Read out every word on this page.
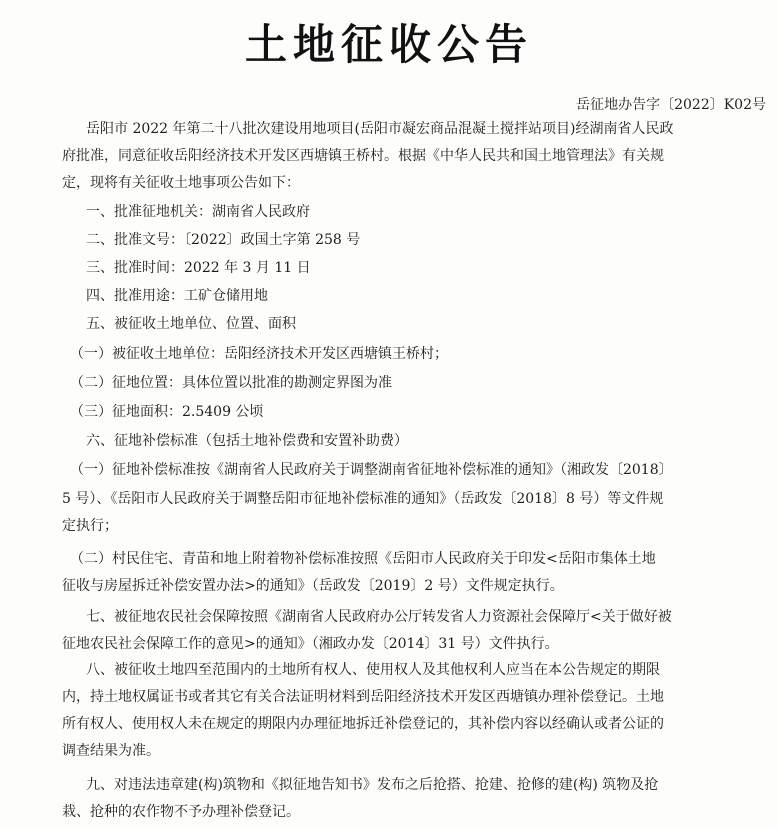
土地征收公告
岳征地办告字〔2022〕K02号
岳阳市 2022 年第二十八批次建设用地项目(岳阳市凝宏商品混凝土搅拌站项目)经湖南省人民政
府批准，同意征收岳阳经济技术开发区西塘镇王桥村。根据《中华人民共和国土地管理法》有关规
定，现将有关征收土地事项公告如下：
一、批准征地机关：湖南省人民政府
二、批准文号：〔2022〕政国土字第 258 号
三、批准时间：2022 年 3 月 11 日
四、批准用途：工矿仓储用地
五、被征收土地单位、位置、面积
（一）被征收土地单位：岳阳经济技术开发区西塘镇王桥村；
（二）征地位置：具体位置以批准的勘测定界图为准
（三）征地面积：2.5409 公顷
六、征地补偿标准（包括土地补偿费和安置补助费）
（一）征地补偿标准按《湖南省人民政府关于调整湖南省征地补偿标准的通知》（湘政发〔2018〕
5 号）、《岳阳市人民政府关于调整岳阳市征地补偿标准的通知》（岳政发〔2018〕8 号）等文件规
定执行；
（二）村民住宅、青苗和地上附着物补偿标准按照《岳阳市人民政府关于印发<岳阳市集体土地
征收与房屋拆迁补偿安置办法>的通知》（岳政发〔2019〕2 号）文件规定执行。
七、被征地农民社会保障按照《湖南省人民政府办公厅转发省人力资源社会保障厅<关于做好被
征地农民社会保障工作的意见>的通知》（湘政办发〔2014〕31 号）文件执行。
八、被征收土地四至范围内的土地所有权人、使用权人及其他权利人应当在本公告规定的期限
内，持土地权属证书或者其它有关合法证明材料到岳阳经济技术开发区西塘镇办理补偿登记。土地
所有权人、使用权人未在规定的期限内办理征地拆迁补偿登记的，其补偿内容以经确认或者公证的
调查结果为准。
九、对违法违章建(构)筑物和《拟征地告知书》发布之后抢搭、抢建、抢修的建(构) 筑物及抢
栽、抢种的农作物不予办理补偿登记。
